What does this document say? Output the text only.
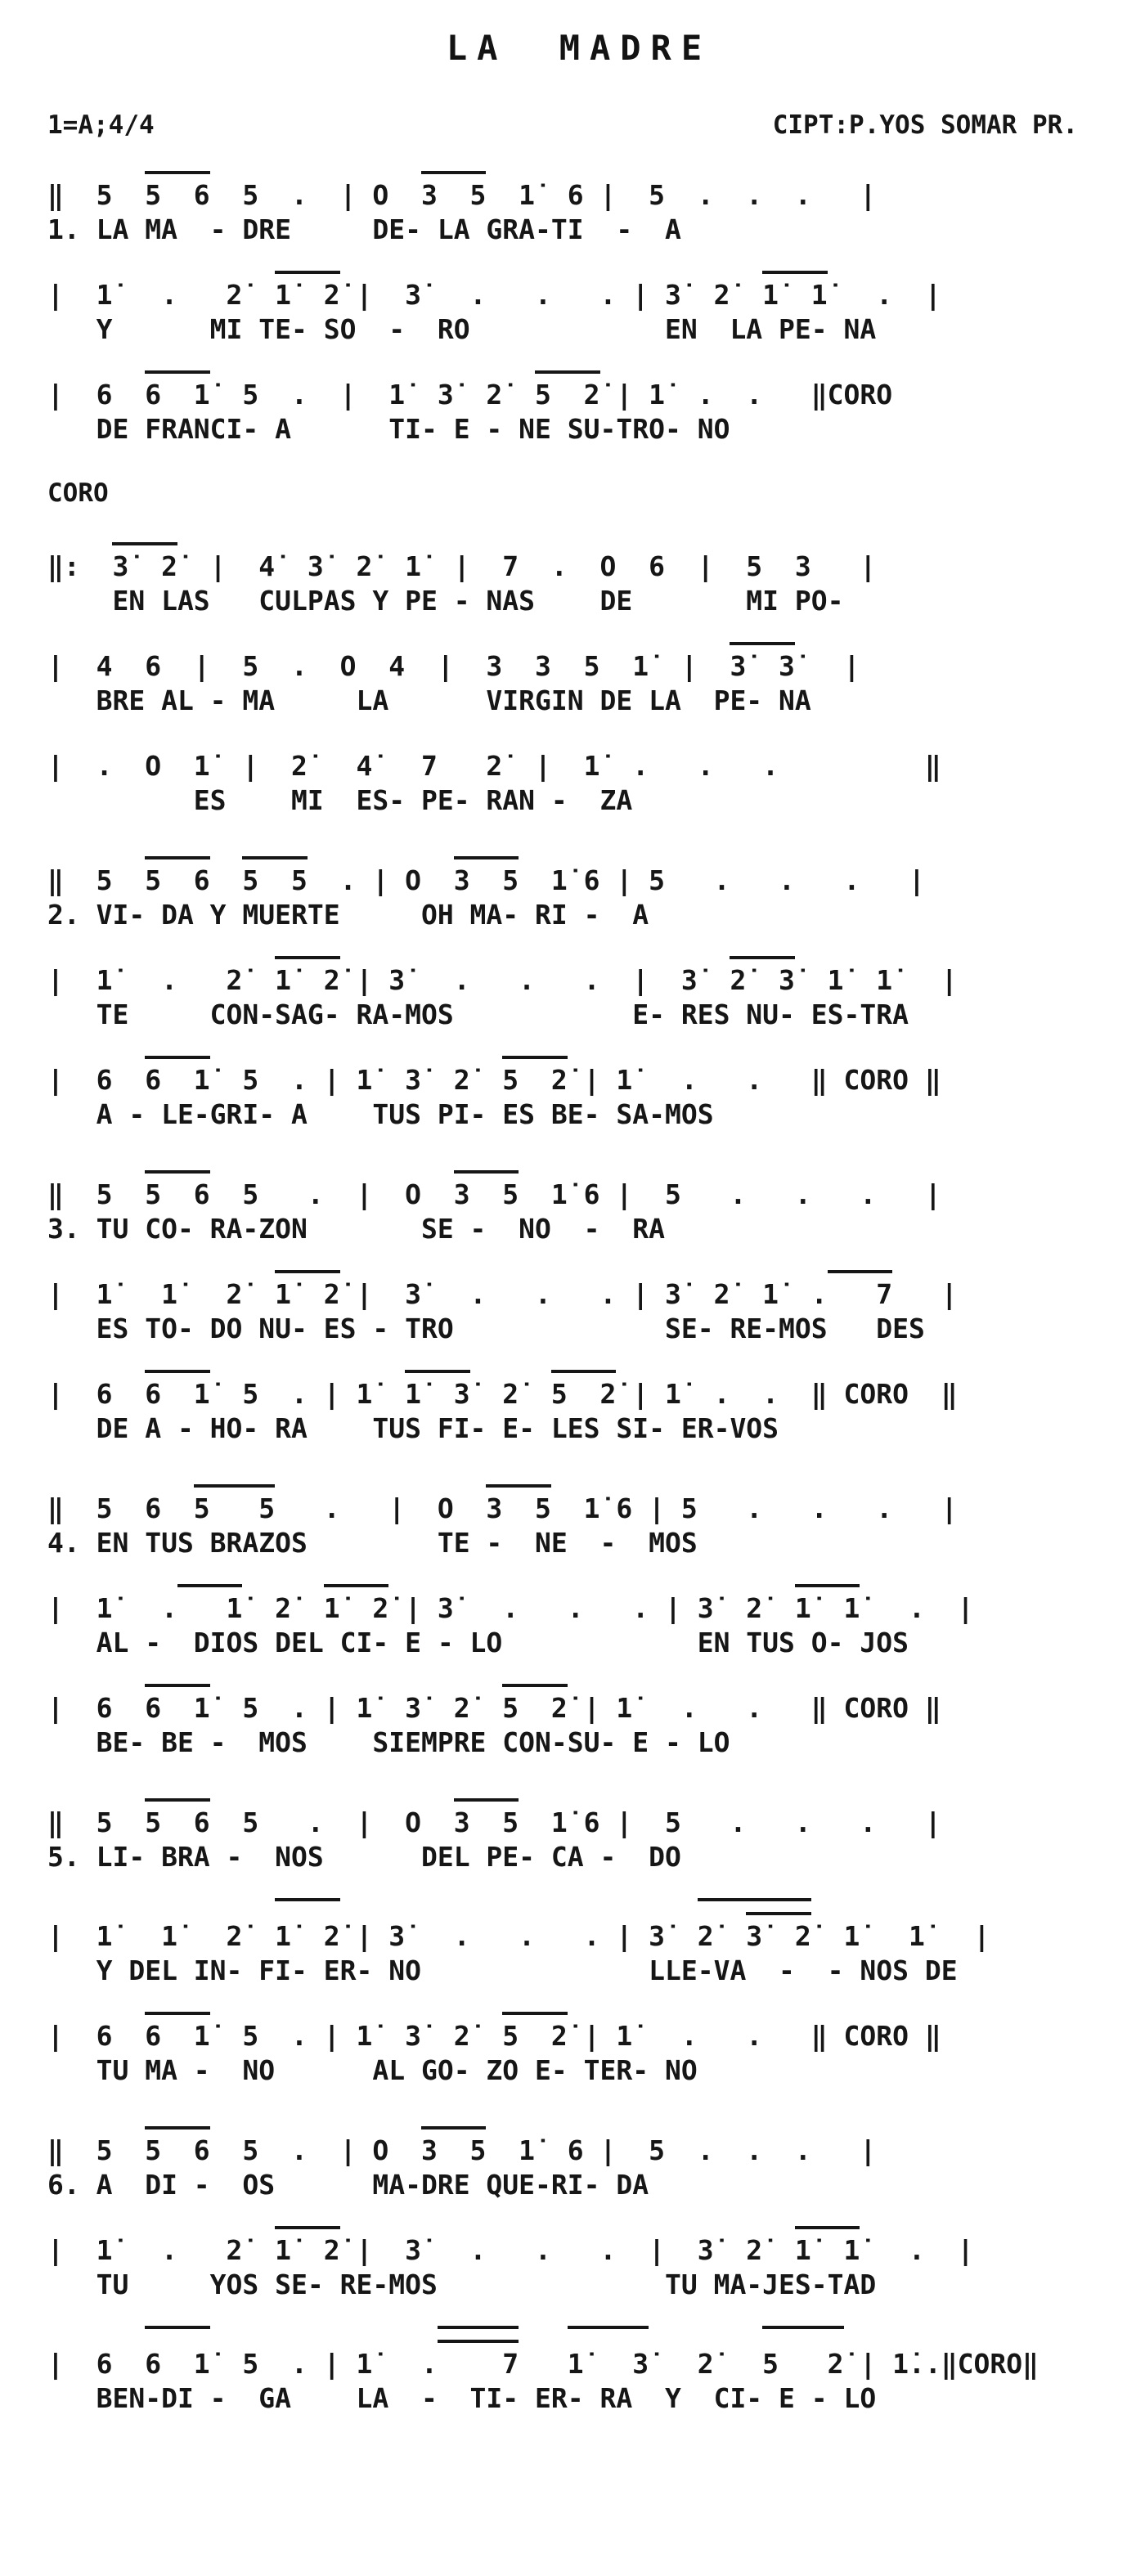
LA MADRE
1=A;4/4	CIPT:P.YOS SOMAR PR.

‖  5  5  6  5  .  | O  3  5  1̇  6 |  5  .  .  .   |
1. LA MA  - DRE     DE- LA GRA-TI  -  A

|  1̇   .   2̇  1̇  2̇ |  3̇   .   .   . | 3̇  2̇  1̇  1̇   .  |
Y      MI TE- SO  -  RO            EN  LA PE- NA

|  6  6  1̇  5  .  |  1̇  3̇  2̇  5  2̇ | 1̇  .  .   ‖CORO
DE FRANCI- A      TI- E - NE SU-TRO- NO
CORO

‖:  3̇  2̇  |  4̇  3̇  2̇  1̇  |  7  .  O  6  |  5  3   |
EN LAS   CULPAS Y PE - NAS    DE       MI PO-

|  4  6  |  5  .  O  4  |  3  3  5  1̇  |  3̇  3̇   |
BRE AL - MA     LA      VIRGIN DE LA  PE- NA

|  .  O  1̇  |  2̇   4̇   7   2̇  |  1̇  .   .   .         ‖
ES    MI  ES- PE- RAN -  ZA

‖  5  5  6  5  5  . | O  3  5  1̇ 6 | 5   .   .   .   |
2. VI- DA Y MUERTE     OH MA- RI -  A

|  1̇   .   2̇  1̇  2̇ | 3̇   .   .   .  |  3̇  2̇  3̇  1̇  1̇   |
TE     CON-SAG- RA-MOS           E- RES NU- ES-TRA

|  6  6  1̇  5  . | 1̇  3̇  2̇  5  2̇ | 1̇   .   .   ‖ CORO ‖
A - LE-GRI- A    TUS PI- ES BE- SA-MOS

‖  5  5  6  5   .  |  O  3  5  1̇ 6 |  5   .   .   .   |
3. TU CO- RA-ZON       SE -  NO  -  RA

|  1̇   1̇   2̇  1̇  2̇ |  3̇   .   .   . | 3̇  2̇  1̇  .   7   |
ES TO- DO NU- ES - TRO             SE- RE-MOS   DES

|  6  6  1̇  5  . | 1̇  1̇  3̇  2̇  5  2̇ | 1̇  .  .  ‖ CORO  ‖
DE A - HO- RA    TUS FI- E- LES SI- ER-VOS

‖  5  6  5   5   .   |  O  3  5  1̇ 6 | 5   .   .   .   |
4. EN TUS BRAZOS        TE -  NE  -  MOS

|  1̇   .   1̇  2̇  1̇  2̇ | 3̇   .   .   . | 3̇  2̇  1̇  1̇   .  |
AL -  DIOS DEL CI- E - LO            EN TUS O- JOS

|  6  6  1̇  5  . | 1̇  3̇  2̇  5  2̇ | 1̇   .   .   ‖ CORO ‖
BE- BE -  MOS    SIEMPRE CON-SU- E - LO

‖  5  5  6  5   .  |  O  3  5  1̇ 6 |  5   .   .   .   |
5. LI- BRA -  NOS      DEL PE- CA -  DO

|  1̇   1̇   2̇  1̇  2̇ | 3̇   .   .   . | 3̇  2̇  3̇  2̇  1̇   1̇   |
Y DEL IN- FI- ER- NO              LLE-VA  -  - NOS DE

|  6  6  1̇  5  . | 1̇  3̇  2̇  5  2̇ | 1̇   .   .   ‖ CORO ‖
TU MA -  NO      AL GO- ZO E- TER- NO

‖  5  5  6  5  .  | O  3  5  1̇  6 |  5  .  .  .   |
6. A  DI -  OS      MA-DRE QUE-RI- DA

|  1̇   .   2̇  1̇  2̇ |  3̇   .   .   .  |  3̇  2̇  1̇  1̇   .  |
TU     YOS SE- RE-MOS              TU MA-JES-TAD

|  6  6  1̇  5  . | 1̇   .    7   1̇   3̇   2̇   5   2̇ | 1̇..‖CORO‖
BEN-DI -  GA    LA  -  TI- ER- RA  Y  CI- E - LO
